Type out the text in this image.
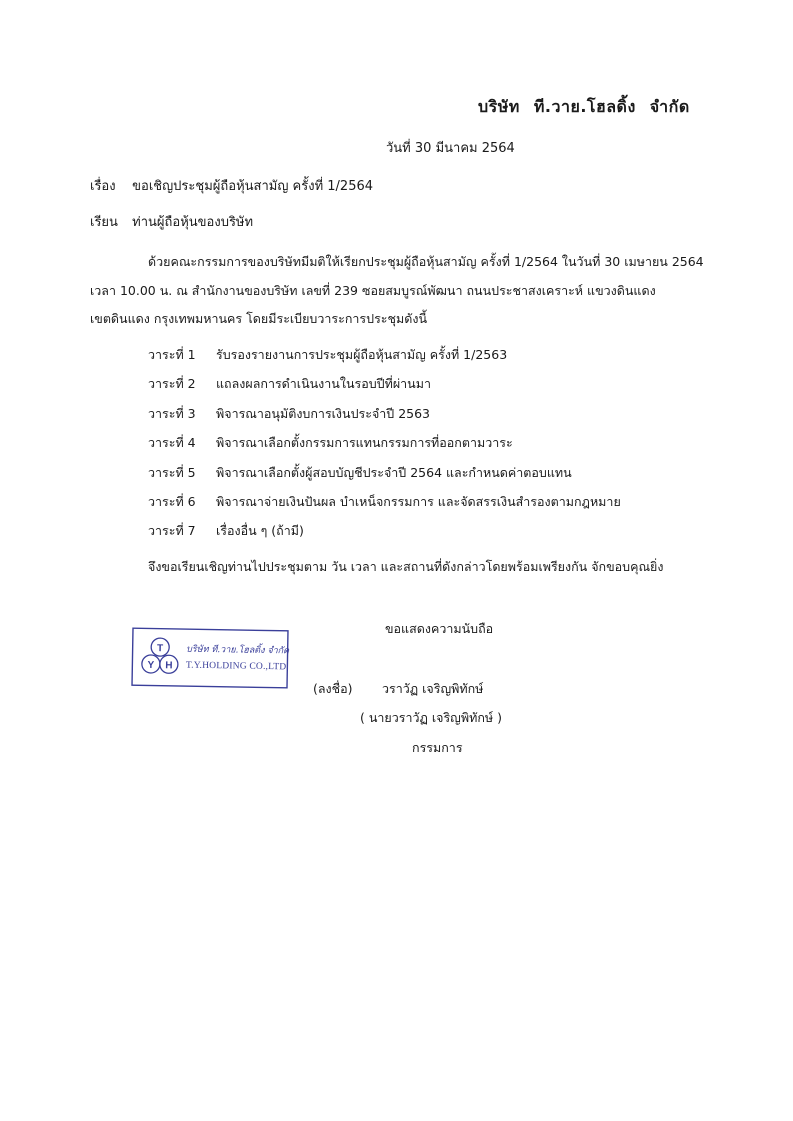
บริษัท ที.วาย.โฮลดิ้ง จำกัด
วันที่ 30 มีนาคม 2564
เรื่อง ขอเชิญประชุมผู้ถือหุ้นสามัญ ครั้งที่ 1/2564
เรียน ท่านผู้ถือหุ้นของบริษัท
ด้วยคณะกรรมการของบริษัทมีมติให้เรียกประชุมผู้ถือหุ้นสามัญ ครั้งที่ 1/2564 ในวันที่ 30 เมษายน 2564
เวลา 10.00 น. ณ สำนักงานของบริษัท เลขที่ 239 ซอยสมบูรณ์พัฒนา ถนนประชาสงเคราะห์ แขวงดินแดง
เขตดินแดง กรุงเทพมหานคร โดยมีระเบียบวาระการประชุมดังนี้
วาระที่ 1 รับรองรายงานการประชุมผู้ถือหุ้นสามัญ ครั้งที่ 1/2563
วาระที่ 2 แถลงผลการดำเนินงานในรอบปีที่ผ่านมา
วาระที่ 3 พิจารณาอนุมัติงบการเงินประจำปี 2563
วาระที่ 4 พิจารณาเลือกตั้งกรรมการแทนกรรมการที่ออกตามวาระ
วาระที่ 5 พิจารณาเลือกตั้งผู้สอบบัญชีประจำปี 2564 และกำหนดค่าตอบแทน
วาระที่ 6 พิจารณาจ่ายเงินปันผล บำเหน็จกรรมการ และจัดสรรเงินสำรองตามกฎหมาย
วาระที่ 7 เรื่องอื่น ๆ (ถ้ามี)
จึงขอเรียนเชิญท่านไปประชุมตาม วัน เวลา และสถานที่ดังกล่าวโดยพร้อมเพรียงกัน จักขอบคุณยิ่ง
ขอแสดงความนับถือ
T
Y H
บริษัท ที.วาย.โฮลดิ้ง จำกัด
T.Y.HOLDING CO.,LTD.
(ลงชื่อ) วราวัฏ เจริญพิทักษ์
( นายวราวัฏ เจริญพิทักษ์ )
กรรมการ
